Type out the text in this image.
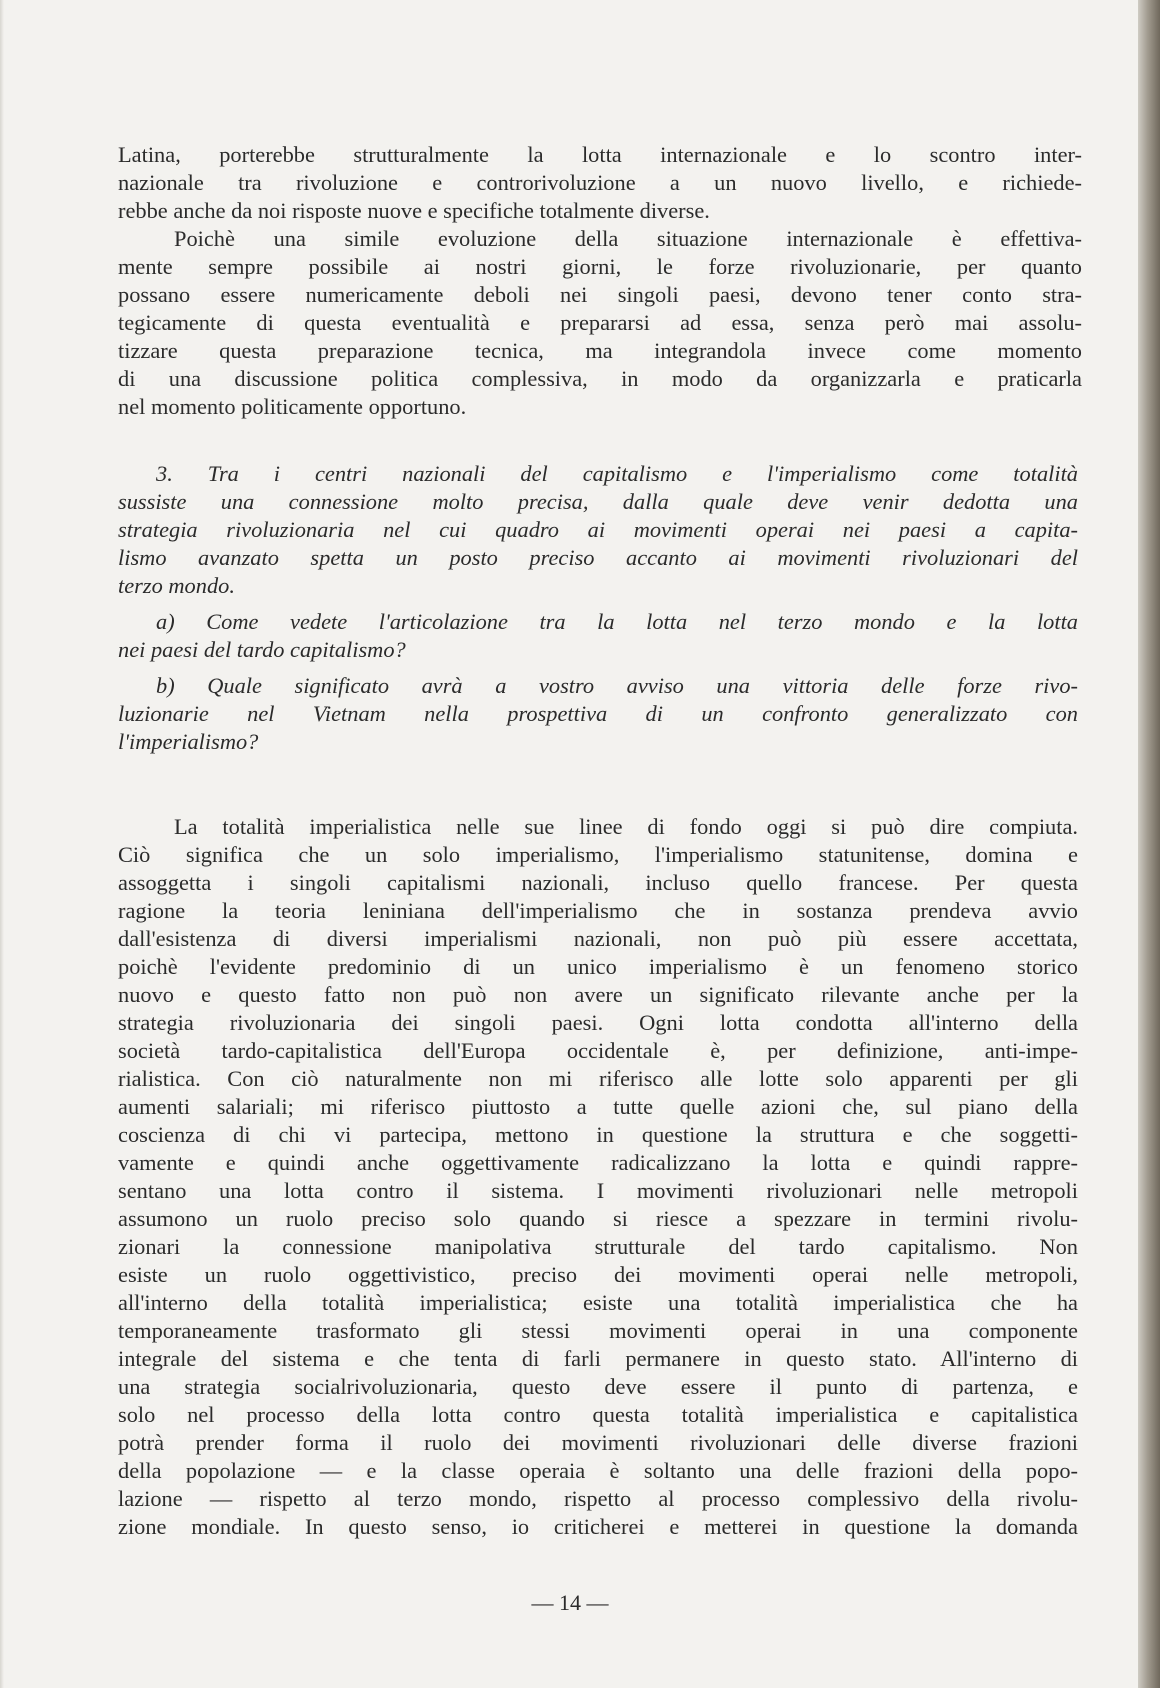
Latina, porterebbe strutturalmente la lotta internazionale e lo scontro inter-
nazionale tra rivoluzione e controrivoluzione a un nuovo livello, e richiede-
rebbe anche da noi risposte nuove e specifiche totalmente diverse.
Poichè una simile evoluzione della situazione internazionale è effettiva-
mente sempre possibile ai nostri giorni, le forze rivoluzionarie, per quanto
possano essere numericamente deboli nei singoli paesi, devono tener conto stra-
tegicamente di questa eventualità e prepararsi ad essa, senza però mai assolu-
tizzare questa preparazione tecnica, ma integrandola invece come momento
di una discussione politica complessiva, in modo da organizzarla e praticarla
nel momento politicamente opportuno.
3. Tra i centri nazionali del capitalismo e l'imperialismo come totalità
sussiste una connessione molto precisa, dalla quale deve venir dedotta una
strategia rivoluzionaria nel cui quadro ai movimenti operai nei paesi a capita-
lismo avanzato spetta un posto preciso accanto ai movimenti rivoluzionari del
terzo mondo.
a) Come vedete l'articolazione tra la lotta nel terzo mondo e la lotta
nei paesi del tardo capitalismo?
b) Quale significato avrà a vostro avviso una vittoria delle forze rivo-
luzionarie nel Vietnam nella prospettiva di un confronto generalizzato con
l'imperialismo?
La totalità imperialistica nelle sue linee di fondo oggi si può dire compiuta.
Ciò significa che un solo imperialismo, l'imperialismo statunitense, domina e
assoggetta i singoli capitalismi nazionali, incluso quello francese. Per questa
ragione la teoria leniniana dell'imperialismo che in sostanza prendeva avvio
dall'esistenza di diversi imperialismi nazionali, non può più essere accettata,
poichè l'evidente predominio di un unico imperialismo è un fenomeno storico
nuovo e questo fatto non può non avere un significato rilevante anche per la
strategia rivoluzionaria dei singoli paesi. Ogni lotta condotta all'interno della
società tardo-capitalistica dell'Europa occidentale è, per definizione, anti-impe-
rialistica. Con ciò naturalmente non mi riferisco alle lotte solo apparenti per gli
aumenti salariali; mi riferisco piuttosto a tutte quelle azioni che, sul piano della
coscienza di chi vi partecipa, mettono in questione la struttura e che soggetti-
vamente e quindi anche oggettivamente radicalizzano la lotta e quindi rappre-
sentano una lotta contro il sistema. I movimenti rivoluzionari nelle metropoli
assumono un ruolo preciso solo quando si riesce a spezzare in termini rivolu-
zionari la connessione manipolativa strutturale del tardo capitalismo. Non
esiste un ruolo oggettivistico, preciso dei movimenti operai nelle metropoli,
all'interno della totalità imperialistica; esiste una totalità imperialistica che ha
temporaneamente trasformato gli stessi movimenti operai in una componente
integrale del sistema e che tenta di farli permanere in questo stato. All'interno di
una strategia socialrivoluzionaria, questo deve essere il punto di partenza, e
solo nel processo della lotta contro questa totalità imperialistica e capitalistica
potrà prender forma il ruolo dei movimenti rivoluzionari delle diverse frazioni
della popolazione — e la classe operaia è soltanto una delle frazioni della popo-
lazione — rispetto al terzo mondo, rispetto al processo complessivo della rivolu-
zione mondiale. In questo senso, io criticherei e metterei in questione la domanda
— 14 —
